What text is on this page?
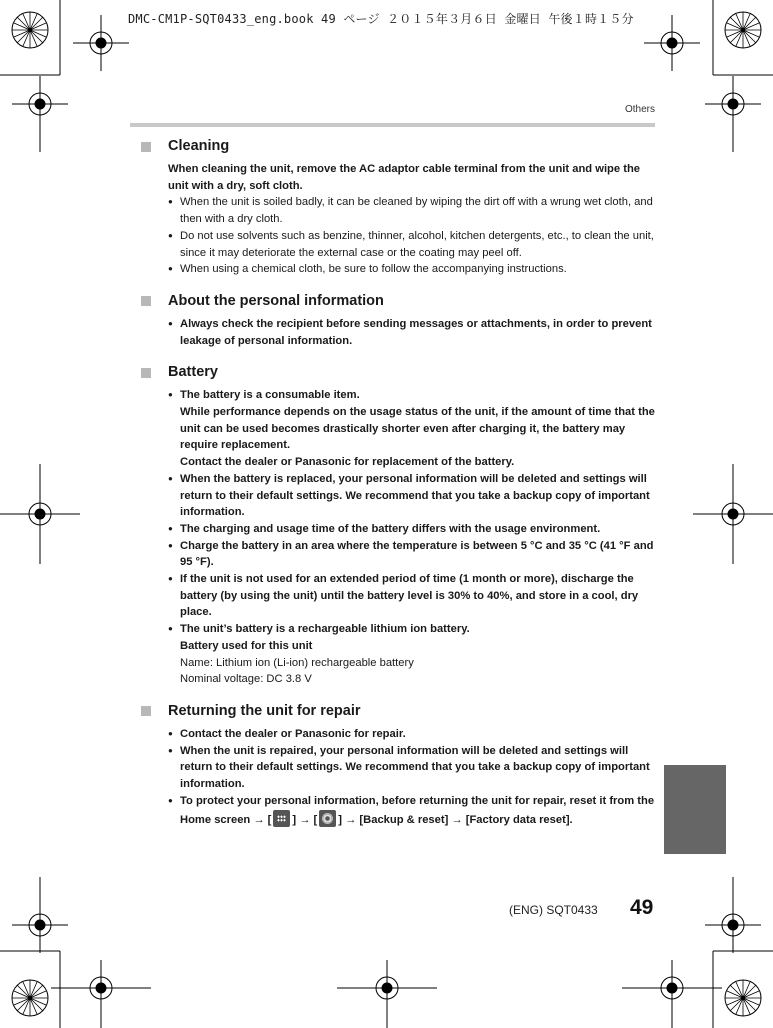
DMC-CM1P-SQT0433_eng.book 49 ページ ２０１５年３月６日 金曜日 午後１時１５分
Others
Cleaning
When cleaning the unit, remove the AC adaptor cable terminal from the unit and wipe the unit with a dry, soft cloth.
● When the unit is soiled badly, it can be cleaned by wiping the dirt off with a wrung wet cloth, and then with a dry cloth.
● Do not use solvents such as benzine, thinner, alcohol, kitchen detergents, etc., to clean the unit, since it may deteriorate the external case or the coating may peel off.
● When using a chemical cloth, be sure to follow the accompanying instructions.
About the personal information
● Always check the recipient before sending messages or attachments, in order to prevent leakage of personal information.
Battery
● The battery is a consumable item.
While performance depends on the usage status of the unit, if the amount of time that the unit can be used becomes drastically shorter even after charging it, the battery may require replacement.
Contact the dealer or Panasonic for replacement of the battery.
● When the battery is replaced, your personal information will be deleted and settings will return to their default settings. We recommend that you take a backup copy of important information.
● The charging and usage time of the battery differs with the usage environment.
● Charge the battery in an area where the temperature is between 5 °C and 35 °C (41 °F and 95 °F).
● If the unit is not used for an extended period of time (1 month or more), discharge the battery (by using the unit) until the battery level is 30% to 40%, and store in a cool, dry place.
● The unit’s battery is a rechargeable lithium ion battery.
Battery used for this unit
Name: Lithium ion (Li-ion) rechargeable battery
Nominal voltage: DC 3.8 V
Returning the unit for repair
● Contact the dealer or Panasonic for repair.
● When the unit is repaired, your personal information will be deleted and settings will return to their default settings. We recommend that you take a backup copy of important information.
● To protect your personal information, before returning the unit for repair, reset it from the Home screen → [ ] → [ ] → [Backup & reset] → [Factory data reset].
(ENG) SQT0433 49
